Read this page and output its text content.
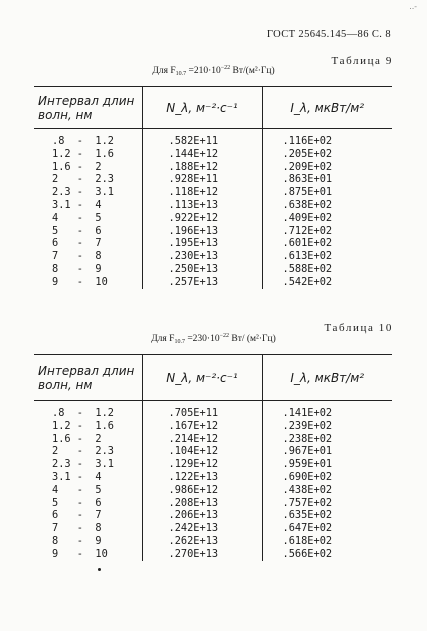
..-
ГОСТ 25645.145—86 С. 8
Таблица 9
Для $F_{10.7} =210\cdot 10^{-22}$ Вт/(м²·Гц)
Интервал длин волн, нм	N_λ, м⁻²·с⁻¹	I_λ, мкВт/м²
.8  -  1.2	.582E+11	.116E+02
1.2 -  1.6	.144E+12	.205E+02
1.6 -  2	.188E+12	.209E+02
2   -  2.3	.928E+11	.863E+01
2.3 -  3.1	.118E+12	.875E+01
3.1 -  4	.113E+13	.638E+02
4   -  5	.922E+12	.409E+02
5   -  6	.196E+13	.712E+02
6   -  7	.195E+13	.601E+02
7   -  8	.230E+13	.613E+02
8   -  9	.250E+13	.588E+02
9   -  10	.257E+13	.542E+02
Таблица 10
Для $F_{10.7} =230\cdot 10^{-22}$ Вт/ (м²·Гц)
Интервал длин волн, нм	N_λ, м⁻²·с⁻¹	I_λ, мкВт/м²
.8  -  1.2	.705E+11	.141E+02
1.2 -  1.6	.167E+12	.239E+02
1.6 -  2	.214E+12	.238E+02
2   -  2.3	.104E+12	.967E+01
2.3 -  3.1	.129E+12	.959E+01
3.1 -  4	.122E+13	.690E+02
4   -  5	.986E+12	.438E+02
5   -  6	.208E+13	.757E+02
6   -  7	.206E+13	.635E+02
7   -  8	.242E+13	.647E+02
8   -  9	.262E+13	.618E+02
9   -  10	.270E+13	.566E+02
